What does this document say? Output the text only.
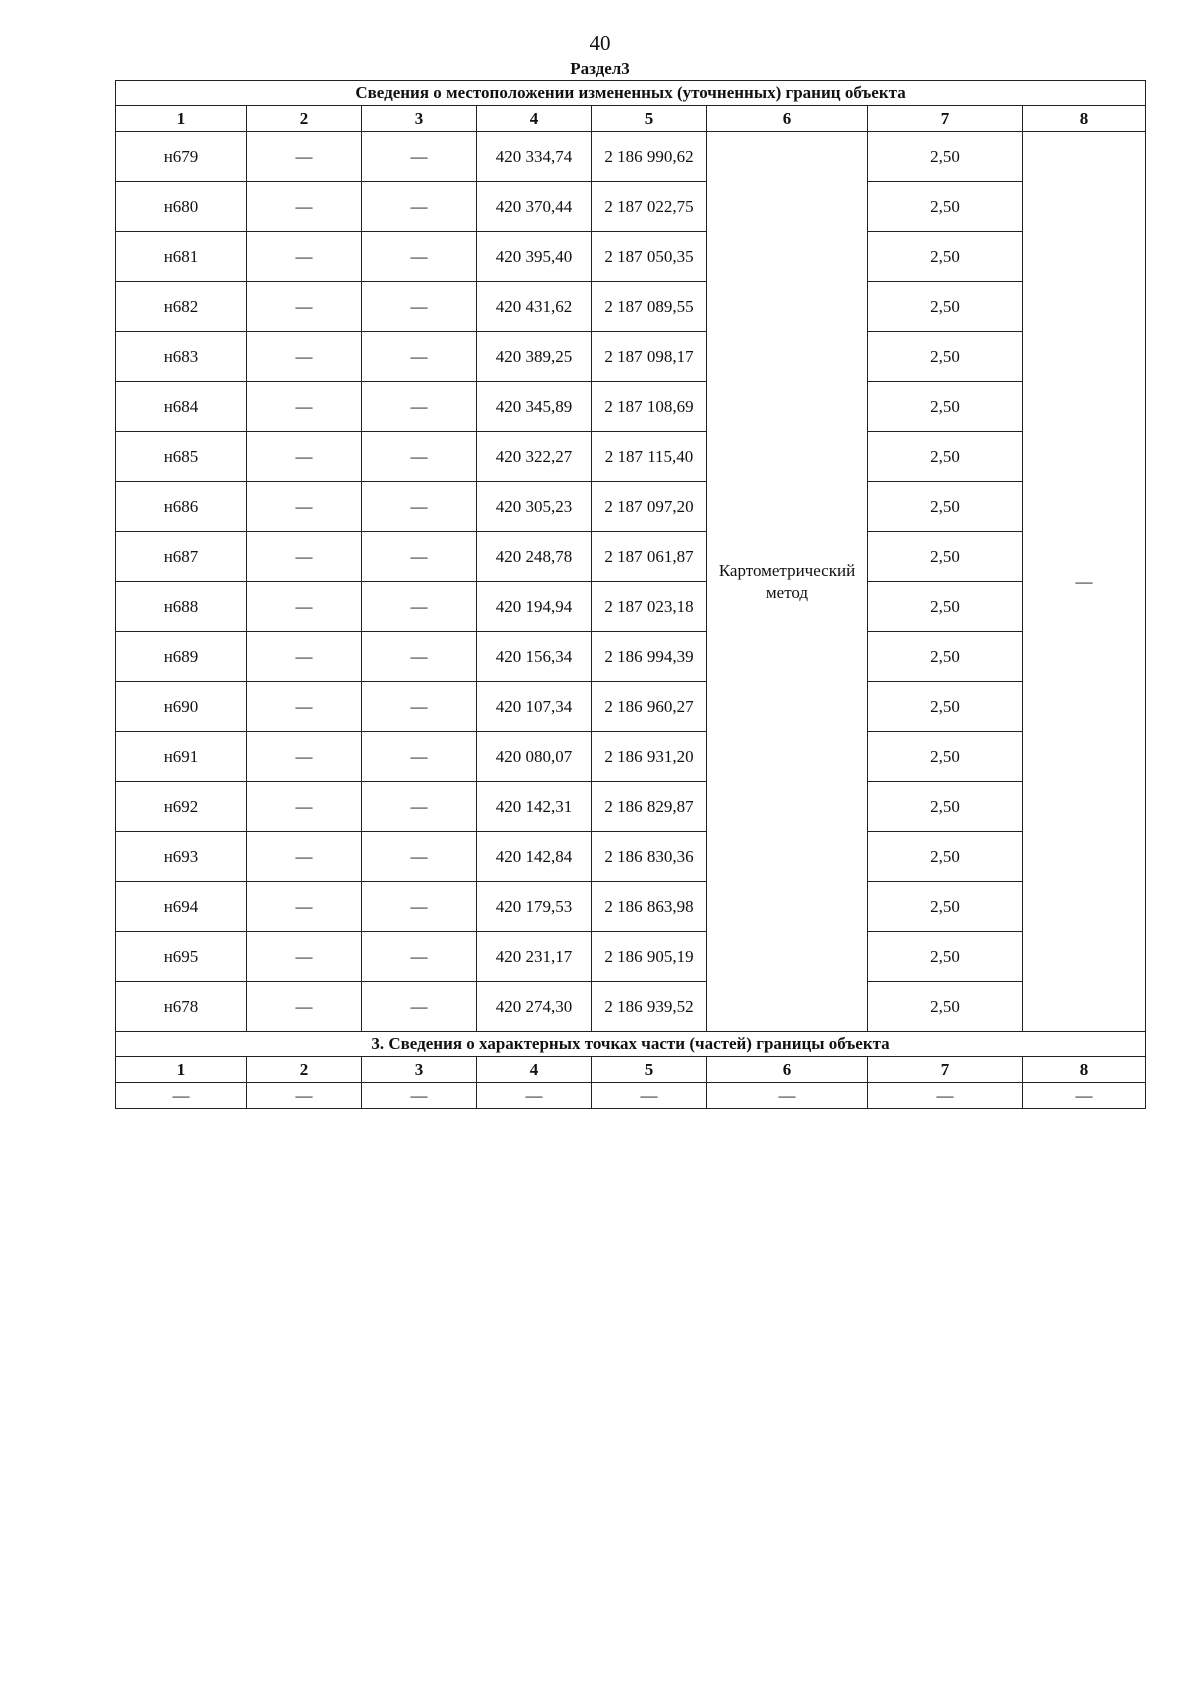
40
Раздел3
Сведения о местоположении измененных (уточненных) границ объекта							
1	2	3	4	5	6	7	8
н679	—	—	420 334,74	2 186 990,62	Картометрический метод	2,50	—
н680	—	—	420 370,44	2 187 022,75		2,50	
н681	—	—	420 395,40	2 187 050,35		2,50	
н682	—	—	420 431,62	2 187 089,55		2,50	
н683	—	—	420 389,25	2 187 098,17		2,50	
н684	—	—	420 345,89	2 187 108,69		2,50	
н685	—	—	420 322,27	2 187 115,40		2,50	
н686	—	—	420 305,23	2 187 097,20		2,50	
н687	—	—	420 248,78	2 187 061,87		2,50	
н688	—	—	420 194,94	2 187 023,18		2,50	
н689	—	—	420 156,34	2 186 994,39		2,50	
н690	—	—	420 107,34	2 186 960,27		2,50	
н691	—	—	420 080,07	2 186 931,20		2,50	
н692	—	—	420 142,31	2 186 829,87		2,50	
н693	—	—	420 142,84	2 186 830,36		2,50	
н694	—	—	420 179,53	2 186 863,98		2,50	
н695	—	—	420 231,17	2 186 905,19		2,50	
н678	—	—	420 274,30	2 186 939,52		2,50	
3. Сведения о характерных точках части (частей) границы объекта							
1	2	3	4	5	6	7	8
—	—	—	—	—	—	—	—
